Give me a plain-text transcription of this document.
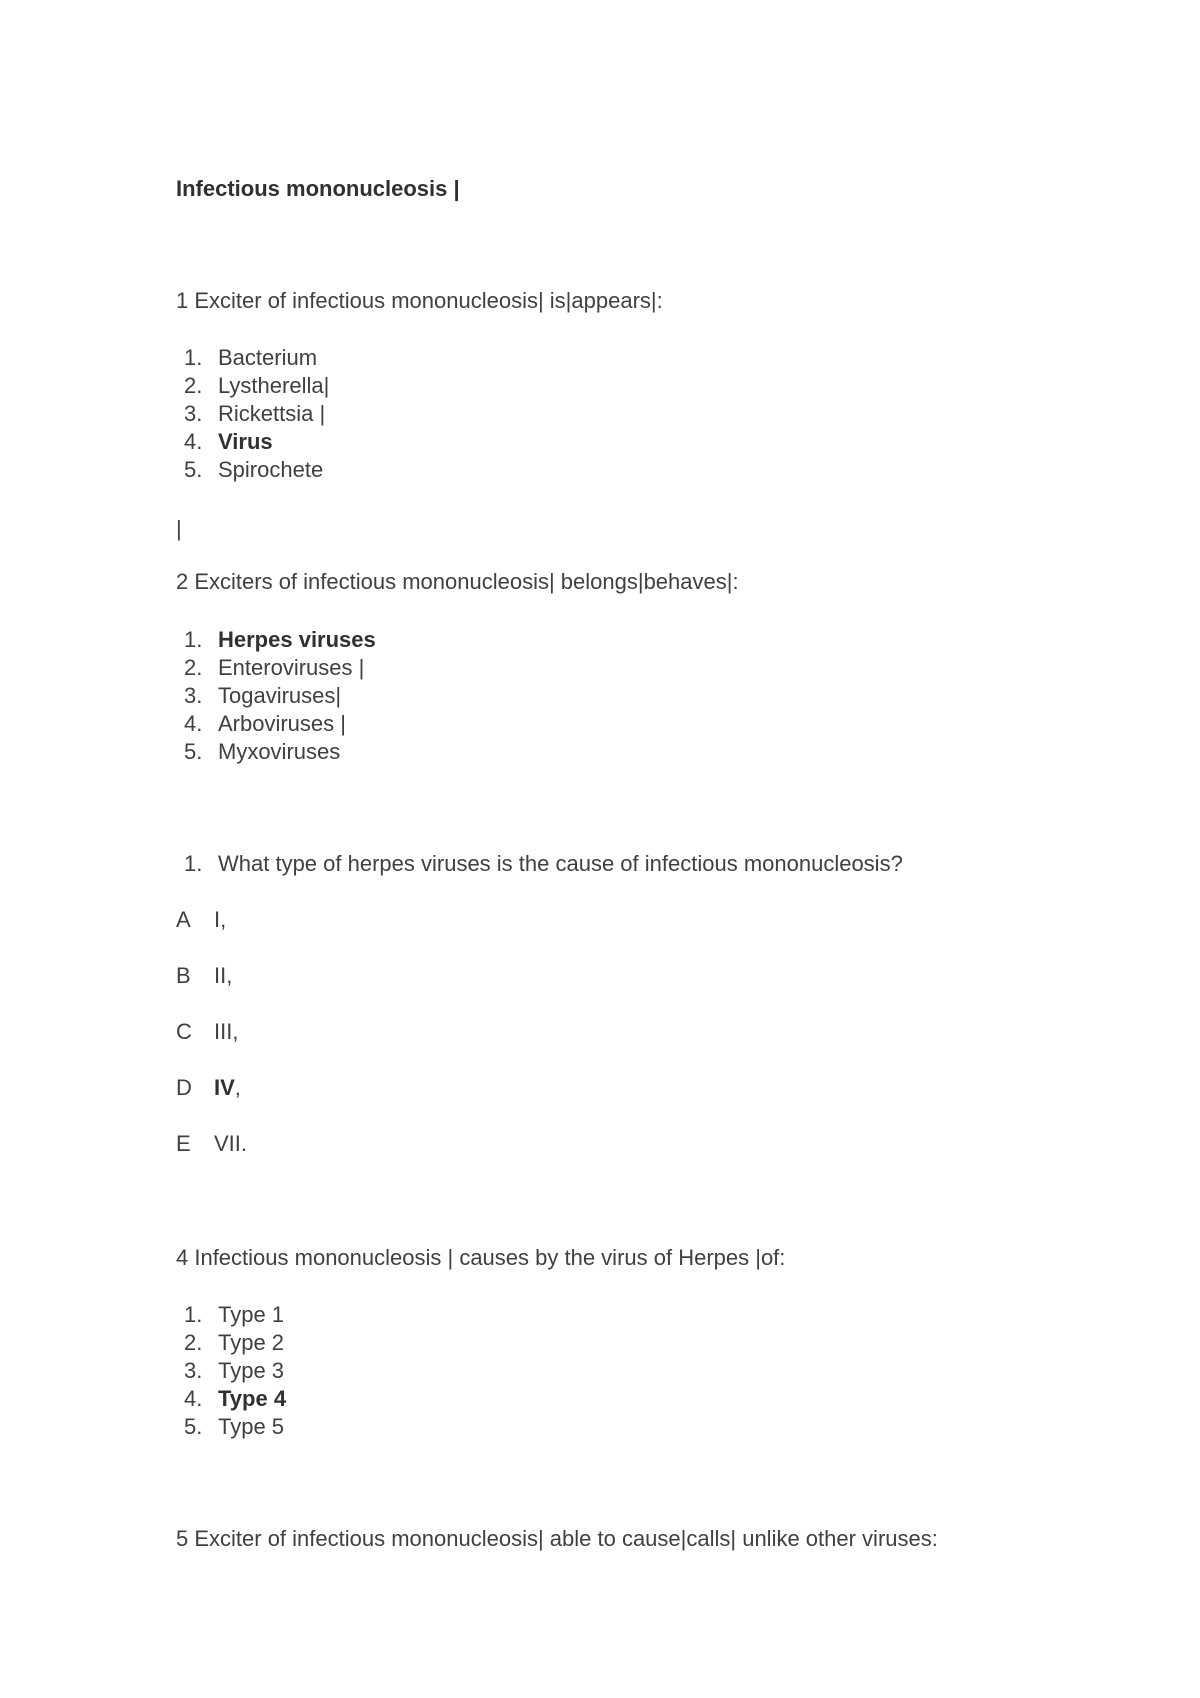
Infectious mononucleosis |
1 Exciter of infectious mononucleosis| is|appears|:
1. Bacterium
2. Lystherella|
3. Rickettsia |
4. Virus
5. Spirochete
|
2 Exciters of infectious mononucleosis| belongs|behaves|:
1. Herpes viruses
2. Enteroviruses |
3. Togaviruses|
4. Arboviruses |
5. Myxoviruses
1. What type of herpes viruses is the cause of infectious mononucleosis?
A I,
B II,
C III,
D IV,
E VII.
4 Infectious mononucleosis | causes by the virus of Herpes |of:
1. Type 1
2. Type 2
3. Type 3
4. Type 4
5. Type 5
5 Exciter of infectious mononucleosis| able to cause|calls| unlike other viruses:
